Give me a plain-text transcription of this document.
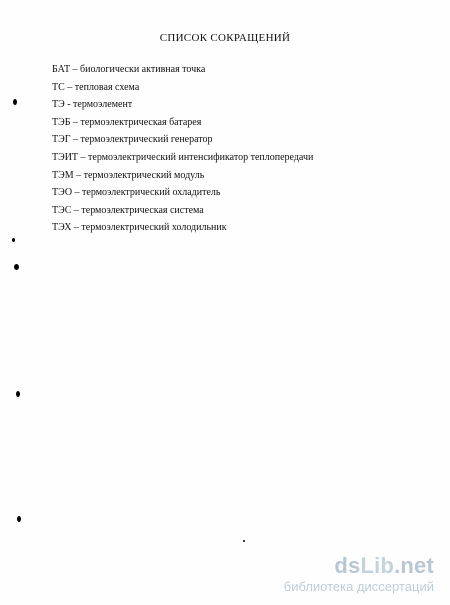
СПИСОК СОКРАЩЕНИЙ
БАТ – биологически активная точка
ТС – тепловая схема
ТЭ - термоэлемент
ТЭБ – термоэлектрическая батарея
ТЭГ – термоэлектрический генератор
ТЭИТ – термоэлектрический интенсификатор теплопередачи
ТЭМ – термоэлектрический модуль
ТЭО – термоэлектрический охладитель
ТЭС – термоэлектрическая система
ТЭХ – термоэлектрический холодильник
dsLib.net
библиотека диссертаций
